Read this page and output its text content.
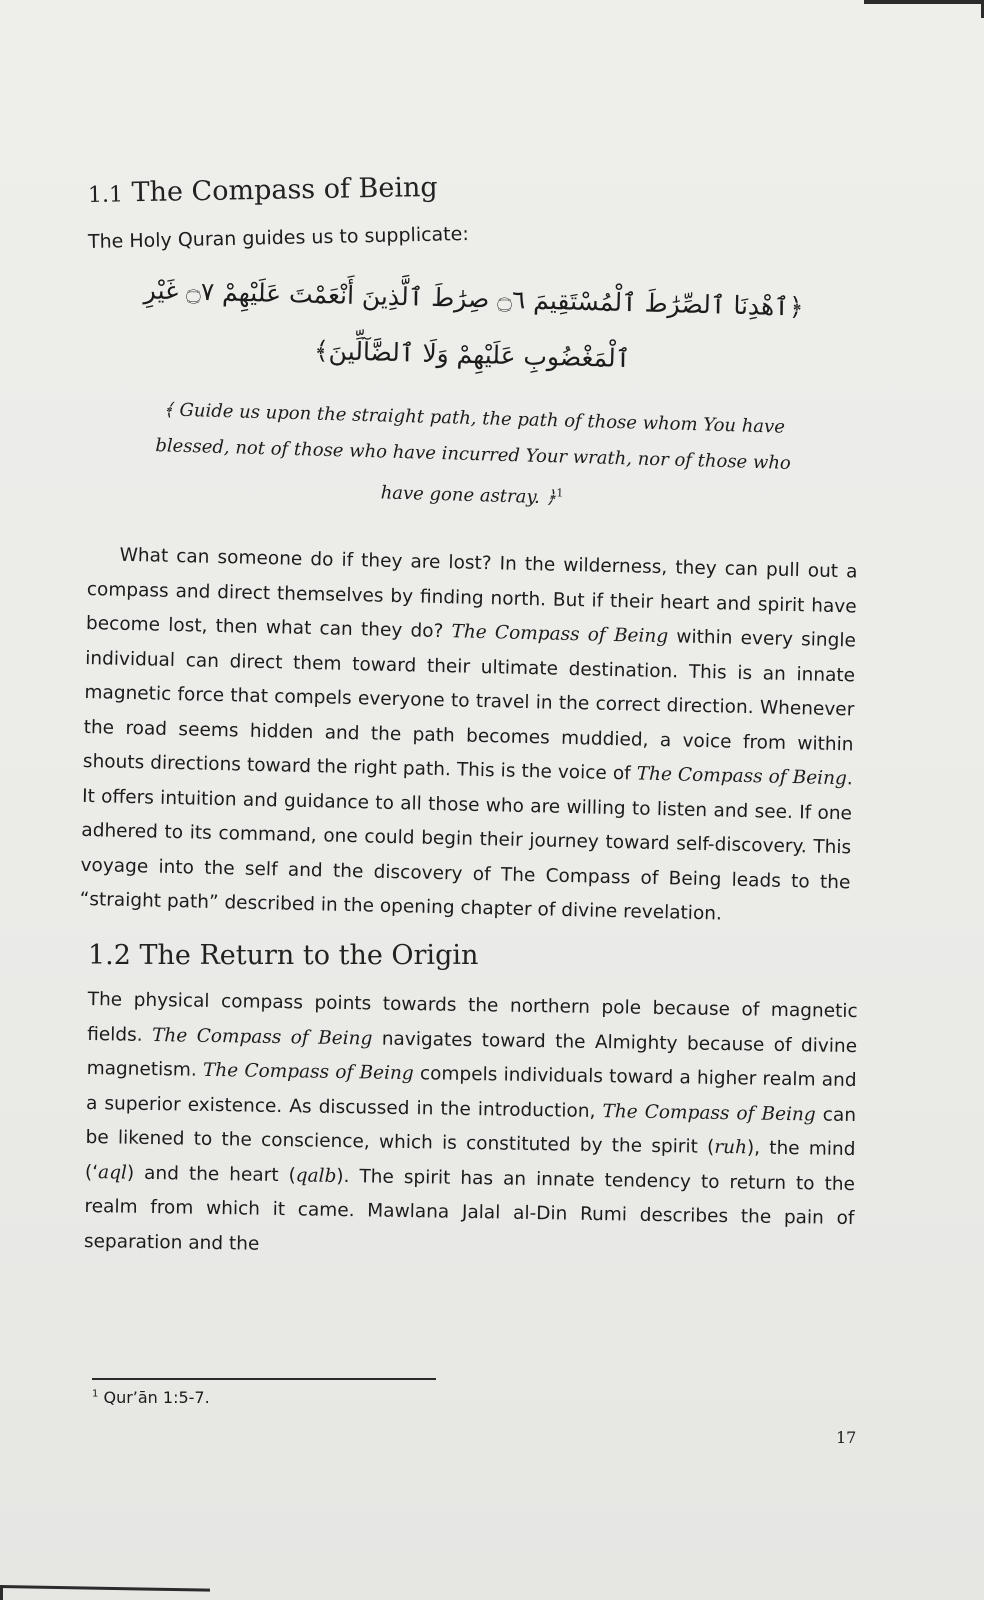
1.1 The Compass of Being
The Holy Quran guides us to supplicate:
﴿ٱهْدِنَا ٱلصِّرَٰطَ ٱلْمُسْتَقِيمَ ۝٦ صِرَٰطَ ٱلَّذِينَ أَنْعَمْتَ عَلَيْهِمْ ۝٧ غَيْرِ
ٱلْمَغْضُوبِ عَلَيْهِمْ وَلَا ٱلضَّآلِّينَ﴾
﴾ Guide us upon the straight path, the path of those whom You have blessed, not of those who have incurred Your wrath, nor of those who have gone astray. ﴿$^1$
What can someone do if they are lost? In the wilderness, they can pull out a compass and direct themselves by finding north. But if their heart and spirit have become lost, then what can they do? The Compass of Being within every single individual can direct them toward their ultimate destination. This is an innate magnetic force that compels everyone to travel in the correct direction. Whenever the road seems hidden and the path becomes muddied, a voice from within shouts directions toward the right path. This is the voice of The Compass of Being. It offers intuition and guidance to all those who are willing to listen and see. If one adhered to its command, one could begin their journey toward self-discovery. This voyage into the self and the discovery of The Compass of Being leads to the “straight path” described in the opening chapter of divine revelation.
1.2 The Return to the Origin
The physical compass points towards the northern pole because of magnetic fields. The Compass of Being navigates toward the Almighty because of divine magnetism. The Compass of Being compels individuals toward a higher realm and a superior existence. As discussed in the introduction, The Compass of Being can be likened to the conscience, which is constituted by the spirit (ruh), the mind (‘aql) and the heart (qalb). The spirit has an innate tendency to return to the realm from which it came. Mawlana Jalal al-Din Rumi describes the pain of separation and the
$^1$ Qur’ān 1:5-7.
17
